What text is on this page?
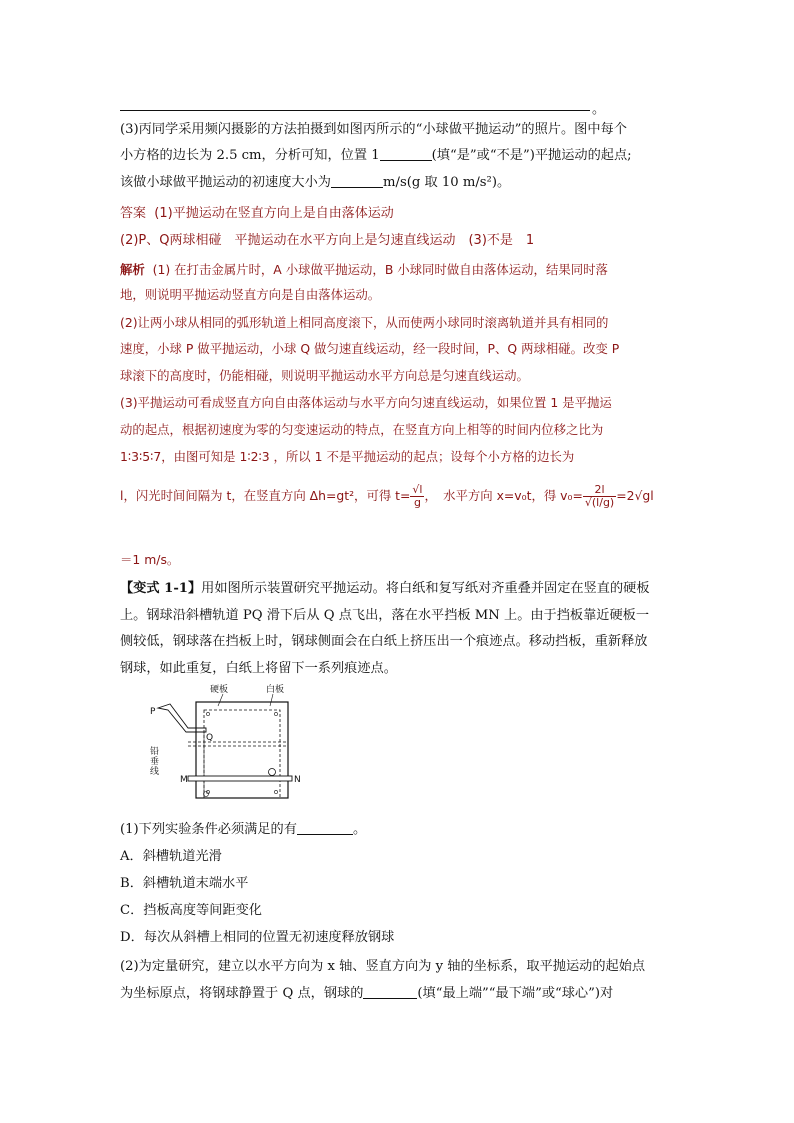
。
(3)丙同学采用频闪摄影的方法拍摄到如图丙所示的“小球做平抛运动”的照片。图中每个
小方格的边长为 2.5 cm，分析可知，位置 1	(填“是”或“不是”)平抛运动的起点;
该做小球做平抛运动的初速度大小为	m/s(g 取 10 m/s²)。
答案 (1)平抛运动在竖直方向上是自由落体运动
(2)P、Q两球相碰　平抛运动在水平方向上是匀速直线运动　(3)不是　1
解析 (1) 在打击金属片时，A 小球做平抛运动，B 小球同时做自由落体运动，结果同时落
地，则说明平抛运动竖直方向是自由落体运动。
(2)让两小球从相同的弧形轨道上相同高度滚下，从而使两小球同时滚离轨道并具有相同的
速度，小球 P 做平抛运动，小球 Q 做匀速直线运动，经一段时间，P、Q 两球相碰。改变 P
球滚下的高度时，仍能相碰，则说明平抛运动水平方向总是匀速直线运动。
(3)平抛运动可看成竖直方向自由落体运动与水平方向匀速直线运动，如果位置 1 是平抛运
动的起点，根据初速度为零的匀变速运动的特点，在竖直方向上相等的时间内位移之比为
1∶3∶5∶7，由图可知是 1∶2∶3 ，所以 1 不是平抛运动的起点；设每个小方格的边长为
l，闪光时间间隔为 t，在竖直方向 Δh=gt²，可得 $t= \frac{√l}{g}$ ，　水平方向 x=v₀t，得 $v_0= \frac{2l}{√(l/g)} =2√gl$
＝1 m/s。
【变式 1-1】用如图所示装置研究平抛运动。将白纸和复写纸对齐重叠并固定在竖直的硬板
上。钢球沿斜槽轨道 PQ 滑下后从 Q 点飞出，落在水平挡板 MN 上。由于挡板靠近硬板一
侧较低，钢球落在挡板上时，钢球侧面会在白纸上挤压出一个痕迹点。移动挡板，重新释放
钢球，如此重复，白纸上将留下一系列痕迹点。
硬板	白板
P
Q
铅
垂
线
M	N
(1)下列实验条件必须满足的有	。
A．斜槽轨道光滑
B．斜槽轨道末端水平
C．挡板高度等间距变化
D．每次从斜槽上相同的位置无初速度释放钢球
(2)为定量研究，建立以水平方向为 x 轴、竖直方向为 y 轴的坐标系，取平抛运动的起始点
为坐标原点，将钢球静置于 Q 点，钢球的	(填“最上端”“最下端”或“球心”)对
